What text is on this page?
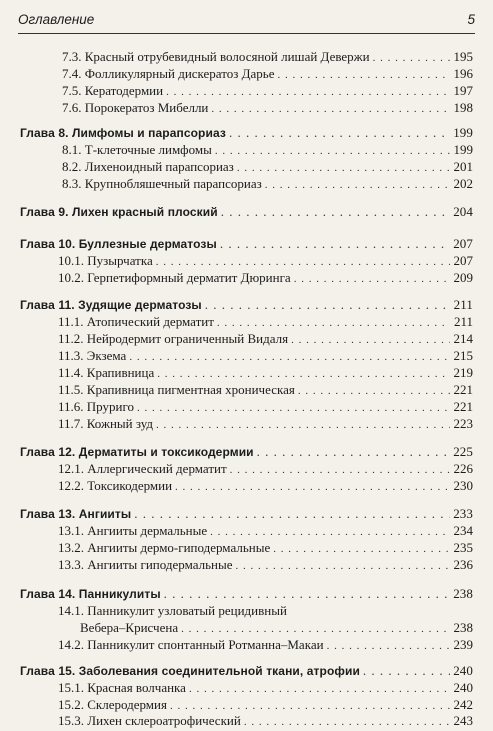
Оглавление	5
7.3. Красный отрубевидный волосяной лишай Девержи . . .	195
7.4. Фолликулярный дискератоз Дарье . . .	196
7.5. Кератодермии . . .	197
7.6. Порокератоз Мибелли . . .	198
Глава 8. Лимфомы и парапсориаз . . .	199
8.1. Т-клеточные лимфомы . . .	199
8.2. Лихеноидный парапсориаз . . .	201
8.3. Крупнобляшечный парапсориаз . . .	202
Глава 9. Лихен красный плоский . . .	204
Глава 10. Буллезные дерматозы . . .	207
10.1. Пузырчатка . . .	207
10.2. Герпетиформный дерматит Дюринга . . .	209
Глава 11. Зудящие дерматозы . . .	211
11.1. Атопический дерматит . . .	211
11.2. Нейродермит ограниченный Видаля . . .	214
11.3. Экзема . . .	215
11.4. Крапивница . . .	219
11.5. Крапивница пигментная хроническая . . .	221
11.6. Пруриго . . .	221
11.7. Кожный зуд . . .	223
Глава 12. Дерматиты и токсикодермии . . .	225
12.1. Аллергический дерматит . . .	226
12.2. Токсикодермии . . .	230
Глава 13. Ангииты . . .	233
13.1. Ангииты дермальные . . .	234
13.2. Ангииты дермо-гиподермальные . . .	235
13.3. Ангииты гиподермальные . . .	236
Глава 14. Панникулиты . . .	238
14.1. Панникулит узловатый рецидивный
Вебера–Крисчена . . .	238
14.2. Панникулит спонтанный Ротманна–Макаи . . .	239
Глава 15. Заболевания соединительной ткани, атрофии . . .	240
15.1. Красная волчанка . . .	240
15.2. Склеродермия . . .	242
15.3. Лихен склероатрофический . . .	243
